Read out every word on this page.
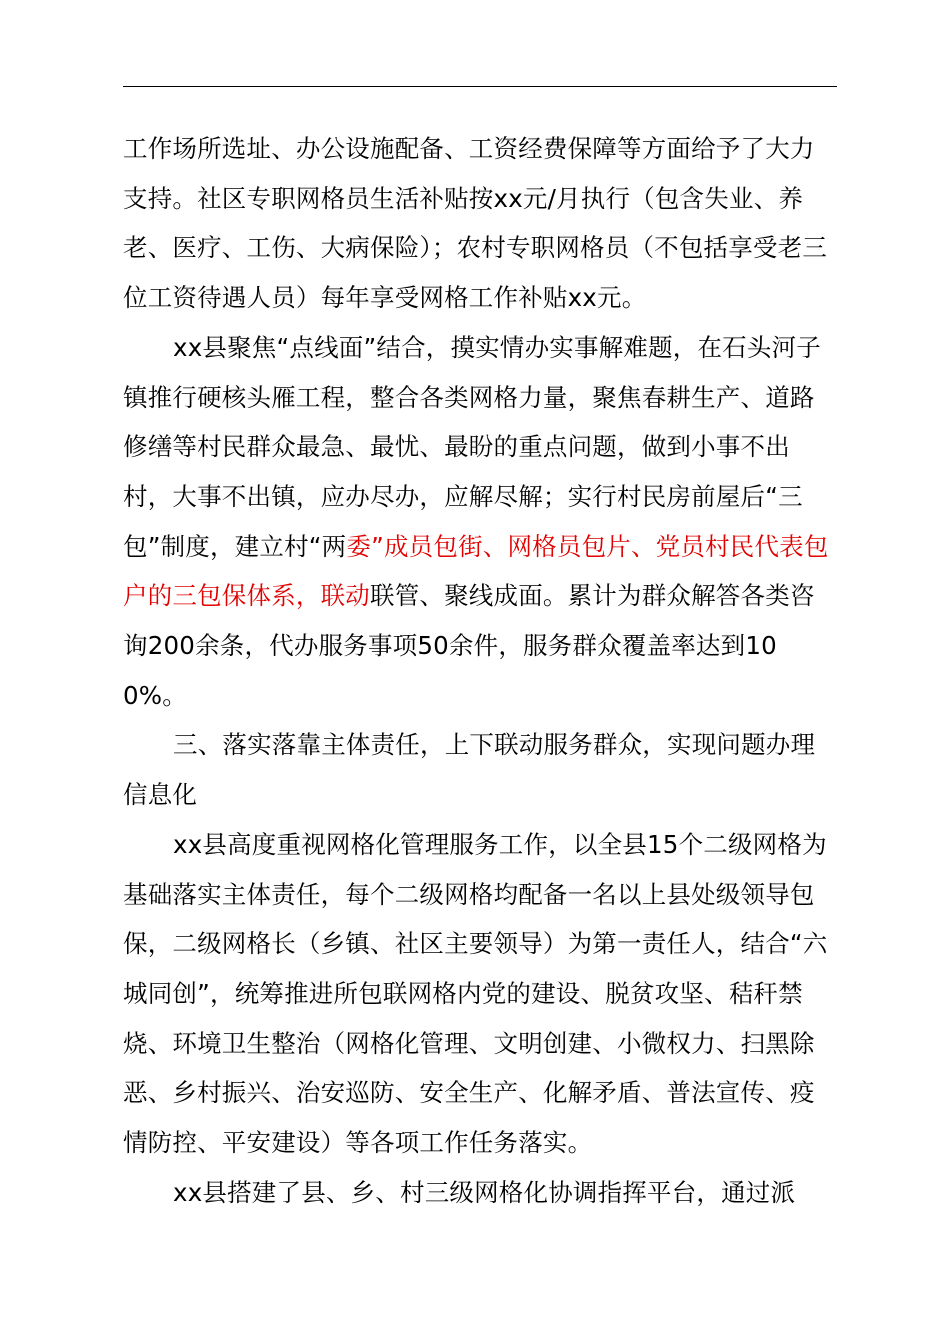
工作场所选址、办公设施配备、工资经费保障等方面给予了大力支持。社区专职网格员生活补贴按xx元/月执行（包含失业、养老、医疗、工伤、大病保险）；农村专职网格员（不包括享受老三位工资待遇人员）每年享受网格工作补贴xx元。

xx县聚焦“点线面”结合，摸实情办实事解难题，在石头河子镇推行硬核头雁工程，整合各类网格力量，聚焦春耕生产、道路修缮等村民群众最急、最忧、最盼的重点问题，做到小事不出村，大事不出镇，应办尽办，应解尽解；实行村民房前屋后“三包”制度，建立村“两委”成员包街、网格员包片、党员村民代表包户的三包保体系，联动联管、聚线成面。累计为群众解答各类咨询200余条，代办服务事项50余件，服务群众覆盖率达到100%。

三、落实落靠主体责任，上下联动服务群众，实现问题办理信息化

xx县高度重视网格化管理服务工作，以全县15个二级网格为基础落实主体责任，每个二级网格均配备一名以上县处级领导包保，二级网格长（乡镇、社区主要领导）为第一责任人，结合“六城同创”，统筹推进所包联网格内党的建设、脱贫攻坚、秸秆禁烧、环境卫生整治（网格化管理、文明创建、小微权力、扫黑除恶、乡村振兴、治安巡防、安全生产、化解矛盾、普法宣传、疫情防控、平安建设）等各项工作任务落实。

xx县搭建了县、乡、村三级网格化协调指挥平台，通过派
